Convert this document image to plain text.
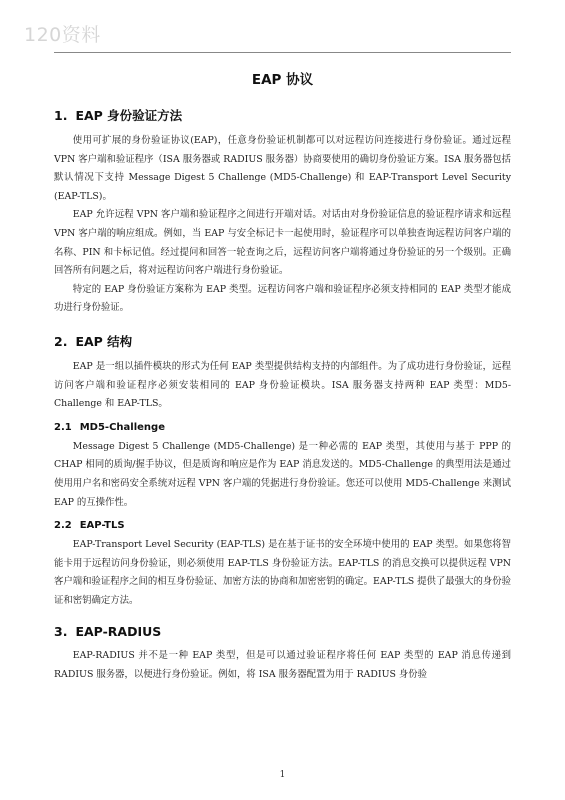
120资料
EAP 协议
1. EAP 身份验证方法

使用可扩展的身份验证协议(EAP)，任意身份验证机制都可以对远程访问连接进行身份验证。通过远程 VPN 客户端和验证程序（ISA 服务器或 RADIUS 服务器）协商要使用的确切身份验证方案。ISA 服务器包括默认情况下支持 Message Digest 5 Challenge (MD5-Challenge) 和 EAP-Transport Level Security (EAP-TLS)。

EAP 允许远程 VPN 客户端和验证程序之间进行开端对话。对话由对身份验证信息的验证程序请求和远程 VPN 客户端的响应组成。例如，当 EAP 与安全标记卡一起使用时，验证程序可以单独查询远程访问客户端的名称、PIN 和卡标记值。经过提问和回答一轮查询之后，远程访问客户端将通过身份验证的另一个级别。正确回答所有问题之后，将对远程访问客户端进行身份验证。

特定的 EAP 身份验证方案称为 EAP 类型。远程访问客户端和验证程序必须支持相同的 EAP 类型才能成功进行身份验证。

2. EAP 结构

EAP 是一组以插件模块的形式为任何 EAP 类型提供结构支持的内部组件。为了成功进行身份验证，远程访问客户端和验证程序必须安装相同的 EAP 身份验证模块。ISA 服务器支持两种 EAP 类型：MD5-Challenge 和 EAP-TLS。

2.1 MD5-Challenge

Message Digest 5 Challenge (MD5-Challenge) 是一种必需的 EAP 类型，其使用与基于 PPP 的 CHAP 相同的质询/握手协议，但是质询和响应是作为 EAP 消息发送的。MD5-Challenge 的典型用法是通过使用用户名和密码安全系统对远程 VPN 客户端的凭据进行身份验证。您还可以使用 MD5-Challenge 来测试 EAP 的互操作性。

2.2 EAP-TLS

EAP-Transport Level Security (EAP-TLS) 是在基于证书的安全环境中使用的 EAP 类型。如果您将智能卡用于远程访问身份验证，则必须使用 EAP-TLS 身份验证方法。EAP-TLS 的消息交换可以提供远程 VPN 客户端和验证程序之间的相互身份验证、加密方法的协商和加密密钥的确定。EAP-TLS 提供了最强大的身份验证和密钥确定方法。

3. EAP-RADIUS

EAP-RADIUS 并不是一种 EAP 类型，但是可以通过验证程序将任何 EAP 类型的 EAP 消息传递到 RADIUS 服务器，以便进行身份验证。例如，将 ISA 服务器配置为用于 RADIUS 身份验

1
